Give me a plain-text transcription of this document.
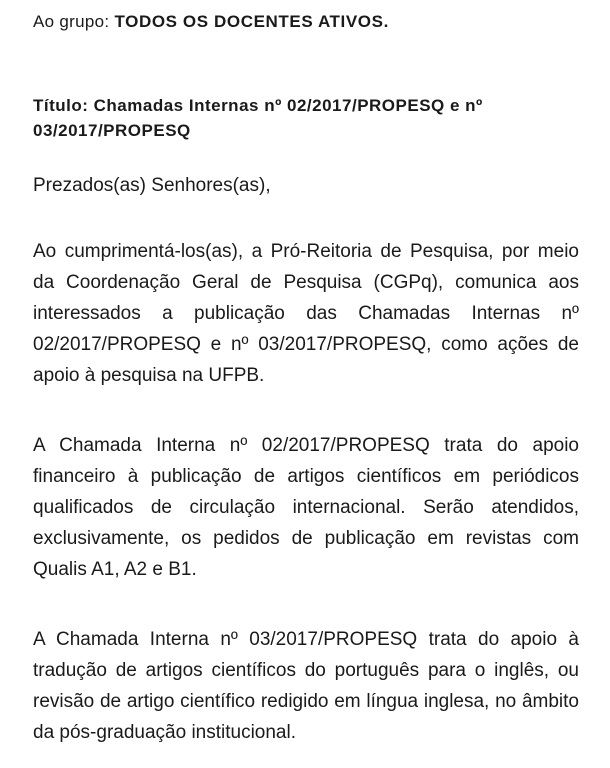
Ao grupo: TODOS OS DOCENTES ATIVOS.
Título: Chamadas Internas nº 02/2017/PROPESQ e nº 03/2017/PROPESQ
Prezados(as) Senhores(as),
Ao cumprimentá-los(as), a Pró-Reitoria de Pesquisa, por meio da Coordenação Geral de Pesquisa (CGPq), comunica aos interessados a publicação das Chamadas Internas nº 02/2017/PROPESQ e nº 03/2017/PROPESQ, como ações de apoio à pesquisa na UFPB.
A Chamada Interna nº 02/2017/PROPESQ trata do apoio financeiro à publicação de artigos científicos em periódicos qualificados de circulação internacional. Serão atendidos, exclusivamente, os pedidos de publicação em revistas com Qualis A1, A2 e B1.
A Chamada Interna nº 03/2017/PROPESQ trata do apoio à tradução de artigos científicos do português para o inglês, ou revisão de artigo científico redigido em língua inglesa, no âmbito da pós-graduação institucional.
